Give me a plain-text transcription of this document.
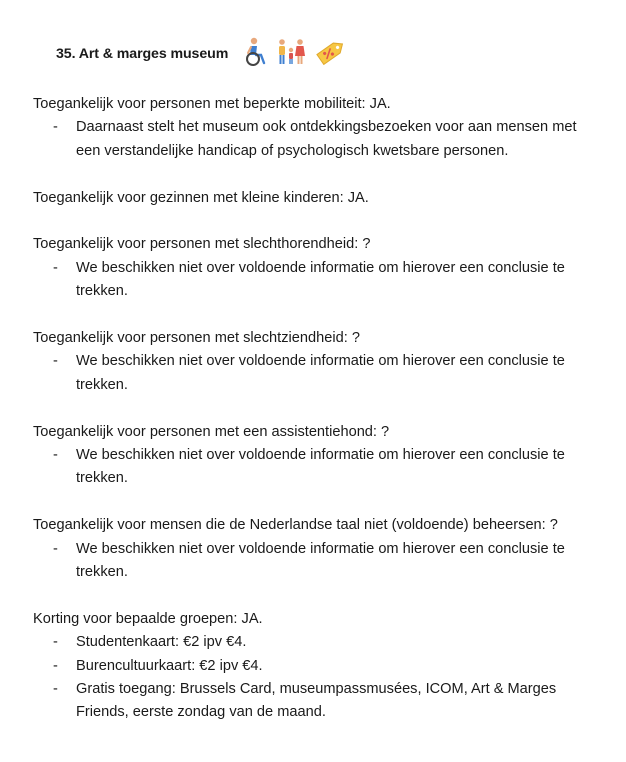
35. Art & marges museum

Toegankelijk voor personen met beperkte mobiliteit: JA.

- Daarnaast stelt het museum ook ontdekkingsbezoeken voor aan mensen met een verstandelijke handicap of psychologisch kwetsbare personen.

Toegankelijk voor gezinnen met kleine kinderen: JA.

Toegankelijk voor personen met slechthorendheid: ?

- We beschikken niet over voldoende informatie om hierover een conclusie te trekken.

Toegankelijk voor personen met slechtziendheid: ?

- We beschikken niet over voldoende informatie om hierover een conclusie te trekken.

Toegankelijk voor personen met een assistentiehond: ?

- We beschikken niet over voldoende informatie om hierover een conclusie te trekken.

Toegankelijk voor mensen die de Nederlandse taal niet (voldoende) beheersen: ?

- We beschikken niet over voldoende informatie om hierover een conclusie te trekken.

Korting voor bepaalde groepen: JA.

- Studentenkaart: €2 ipv €4.
- Burencultuurkaart: €2 ipv €4.
- Gratis toegang: Brussels Card, museumpassmusées, ICOM, Art & Marges Friends, eerste zondag van de maand.
